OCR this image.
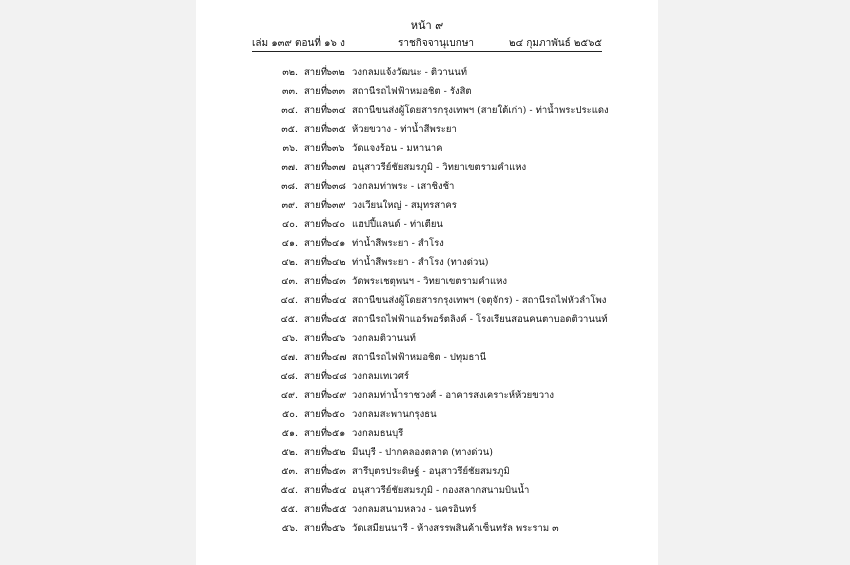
หน้า ๙
เล่ม ๑๓๙ ตอนที่ ๑๖ ง	ราชกิจจานุเบกษา	๒๔ กุมภาพันธ์ ๒๕๖๕
๓๒. สายที่ ๖๓๒ วงกลมแจ้งวัฒนะ - ติวานนท์
๓๓. สายที่ ๖๓๓ สถานีรถไฟฟ้าหมอชิต - รังสิต
๓๔. สายที่ ๖๓๔ สถานีขนส่งผู้โดยสารกรุงเทพฯ (สายใต้เก่า) - ท่าน้ำพระประแดง
๓๕. สายที่ ๖๓๕ ห้วยขวาง - ท่าน้ำสีพระยา
๓๖. สายที่ ๖๓๖ วัดแจงร้อน - มหานาค
๓๗. สายที่ ๖๓๗ อนุสาวรีย์ชัยสมรภูมิ - วิทยาเขตรามคำแหง
๓๘. สายที่ ๖๓๘ วงกลมท่าพระ - เสาชิงช้า
๓๙. สายที่ ๖๓๙ วงเวียนใหญ่ - สมุทรสาคร
๔๐. สายที่ ๖๔๐ แฮปปี้แลนด์ - ท่าเตียน
๔๑. สายที่ ๖๔๑ ท่าน้ำสีพระยา - สำโรง
๔๒. สายที่ ๖๔๒ ท่าน้ำสีพระยา - สำโรง (ทางด่วน)
๔๓. สายที่ ๖๔๓ วัดพระเชตุพนฯ - วิทยาเขตรามคำแหง
๔๔. สายที่ ๖๔๔ สถานีขนส่งผู้โดยสารกรุงเทพฯ (จตุจักร) - สถานีรถไฟหัวลำโพง
๔๕. สายที่ ๖๔๕ สถานีรถไฟฟ้าแอร์พอร์ตลิงค์ - โรงเรียนสอนคนตาบอดติวานนท์
๔๖. สายที่ ๖๔๖ วงกลมติวานนท์
๔๗. สายที่ ๖๔๗ สถานีรถไฟฟ้าหมอชิต - ปทุมธานี
๔๘. สายที่ ๖๔๘ วงกลมเทเวศร์
๔๙. สายที่ ๖๔๙ วงกลมท่าน้ำราชวงศ์ - อาคารสงเคราะห์ห้วยขวาง
๕๐. สายที่ ๖๕๐ วงกลมสะพานกรุงธน
๕๑. สายที่ ๖๕๑ วงกลมธนบุรี
๕๒. สายที่ ๖๕๒ มีนบุรี - ปากคลองตลาด (ทางด่วน)
๕๓. สายที่ ๖๕๓ สารีบุตรประดิษฐ์ - อนุสาวรีย์ชัยสมรภูมิ
๕๔. สายที่ ๖๕๔ อนุสาวรีย์ชัยสมรภูมิ - กองสลากสนามบินน้ำ
๕๕. สายที่ ๖๕๕ วงกลมสนามหลวง - นครอินทร์
๕๖. สายที่ ๖๕๖ วัดเสมียนนารี - ห้างสรรพสินค้าเซ็นทรัล พระราม ๓
